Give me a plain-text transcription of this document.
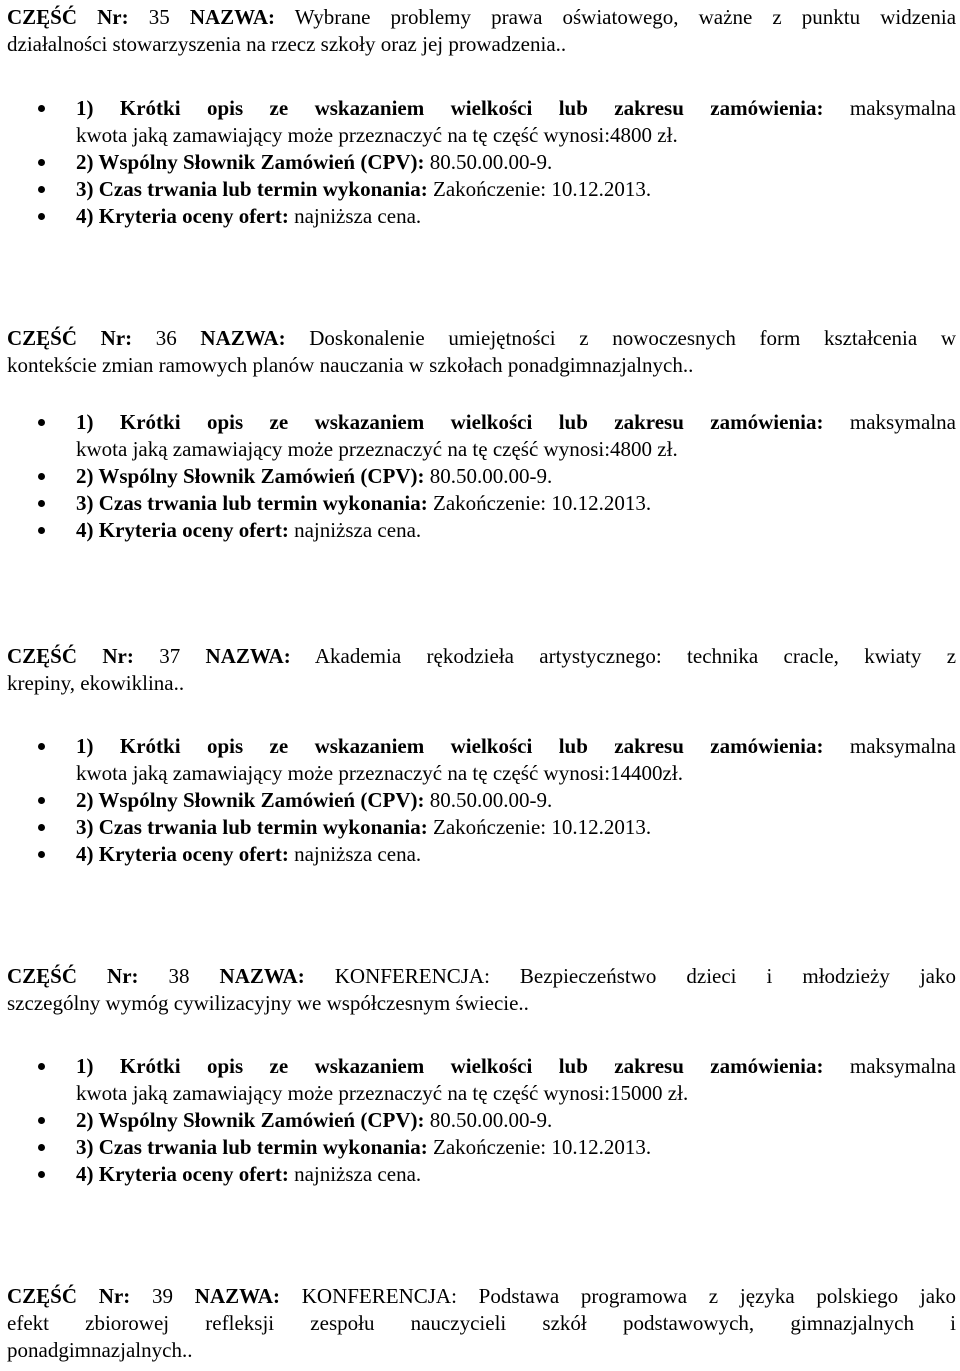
CZĘŚĆ Nr: 35 NAZWA: Wybrane problemy prawa oświatowego, ważne z punktu widzenia
działalności stowarzyszenia na rzecz szkoły oraz jej prowadzenia..

1) Krótki opis ze wskazaniem wielkości lub zakresu zamówienia: maksymalna
kwota jaką zamawiający może przeznaczyć na tę część wynosi:4800 zł.
2) Wspólny Słownik Zamówień (CPV): 80.50.00.00-9.
3) Czas trwania lub termin wykonania: Zakończenie: 10.12.2013.
4) Kryteria oceny ofert: najniższa cena.

CZĘŚĆ Nr: 36 NAZWA: Doskonalenie umiejętności z nowoczesnych form kształcenia w
kontekście zmian ramowych planów nauczania w szkołach ponadgimnazjalnych..

1) Krótki opis ze wskazaniem wielkości lub zakresu zamówienia: maksymalna
kwota jaką zamawiający może przeznaczyć na tę część wynosi:4800 zł.
2) Wspólny Słownik Zamówień (CPV): 80.50.00.00-9.
3) Czas trwania lub termin wykonania: Zakończenie: 10.12.2013.
4) Kryteria oceny ofert: najniższa cena.

CZĘŚĆ Nr: 37 NAZWA: Akademia rękodzieła artystycznego: technika cracle, kwiaty z
krepiny, ekowiklina..

1) Krótki opis ze wskazaniem wielkości lub zakresu zamówienia: maksymalna
kwota jaką zamawiający może przeznaczyć na tę część wynosi:14400zł.
2) Wspólny Słownik Zamówień (CPV): 80.50.00.00-9.
3) Czas trwania lub termin wykonania: Zakończenie: 10.12.2013.
4) Kryteria oceny ofert: najniższa cena.

CZĘŚĆ Nr: 38 NAZWA: KONFERENCJA: Bezpieczeństwo dzieci i młodzieży jako
szczególny wymóg cywilizacyjny we współczesnym świecie..

1) Krótki opis ze wskazaniem wielkości lub zakresu zamówienia: maksymalna
kwota jaką zamawiający może przeznaczyć na tę część wynosi:15000 zł.
2) Wspólny Słownik Zamówień (CPV): 80.50.00.00-9.
3) Czas trwania lub termin wykonania: Zakończenie: 10.12.2013.
4) Kryteria oceny ofert: najniższa cena.

CZĘŚĆ Nr: 39 NAZWA: KONFERENCJA: Podstawa programowa z języka polskiego jako
efekt zbiorowej refleksji zespołu nauczycieli szkół podstawowych, gimnazjalnych i
ponadgimnazjalnych..
